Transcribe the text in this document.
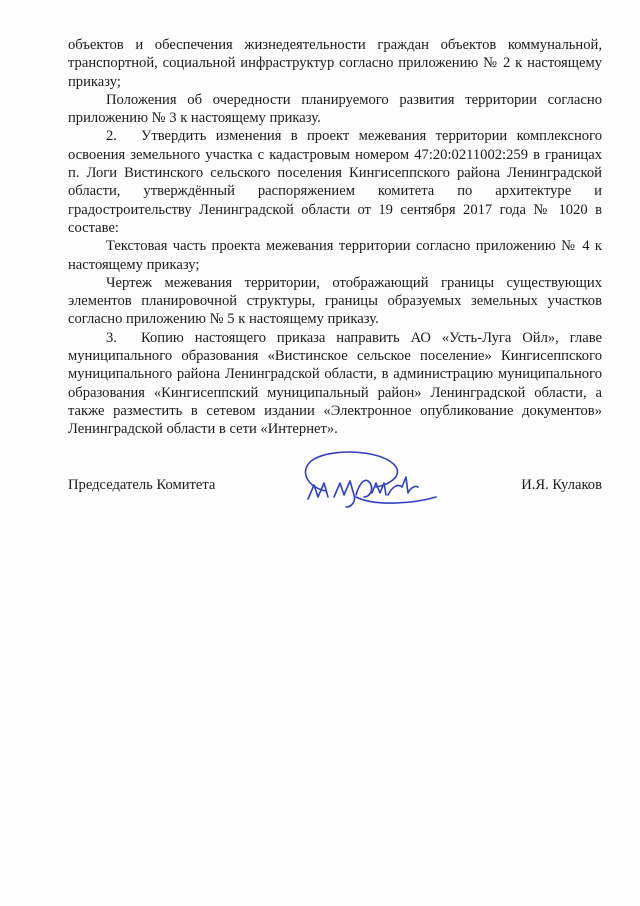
объектов и обеспечения жизнедеятельности граждан объектов коммунальной, транспортной, социальной инфраструктур согласно приложению № 2 к настоящему приказу;

Положения об очередности планируемого развития территории согласно приложению № 3 к настоящему приказу.

2. Утвердить изменения в проект межевания территории комплексного освоения земельного участка с кадастровым номером 47:20:0211002:259 в границах п. Логи Вистинского сельского поселения Кингисеппского района Ленинградской области, утверждённый распоряжением комитета по архитектуре и градостроительству Ленинградской области от 19 сентября 2017 года № 1020 в составе:

Текстовая часть проекта межевания территории согласно приложению № 4 к настоящему приказу;

Чертеж межевания территории, отображающий границы существующих элементов планировочной структуры, границы образуемых земельных участков согласно приложению № 5 к настоящему приказу.

3. Копию настоящего приказа направить АО «Усть-Луга Ойл», главе муниципального образования «Вистинское сельское поселение» Кингисеппского муниципального района Ленинградской области, в администрацию муниципального образования «Кингисеппский муниципальный район» Ленинградской области, а также разместить в сетевом издании «Электронное опубликование документов» Ленинградской области в сети «Интернет».

Председатель Комитета	И.Я. Кулаков
